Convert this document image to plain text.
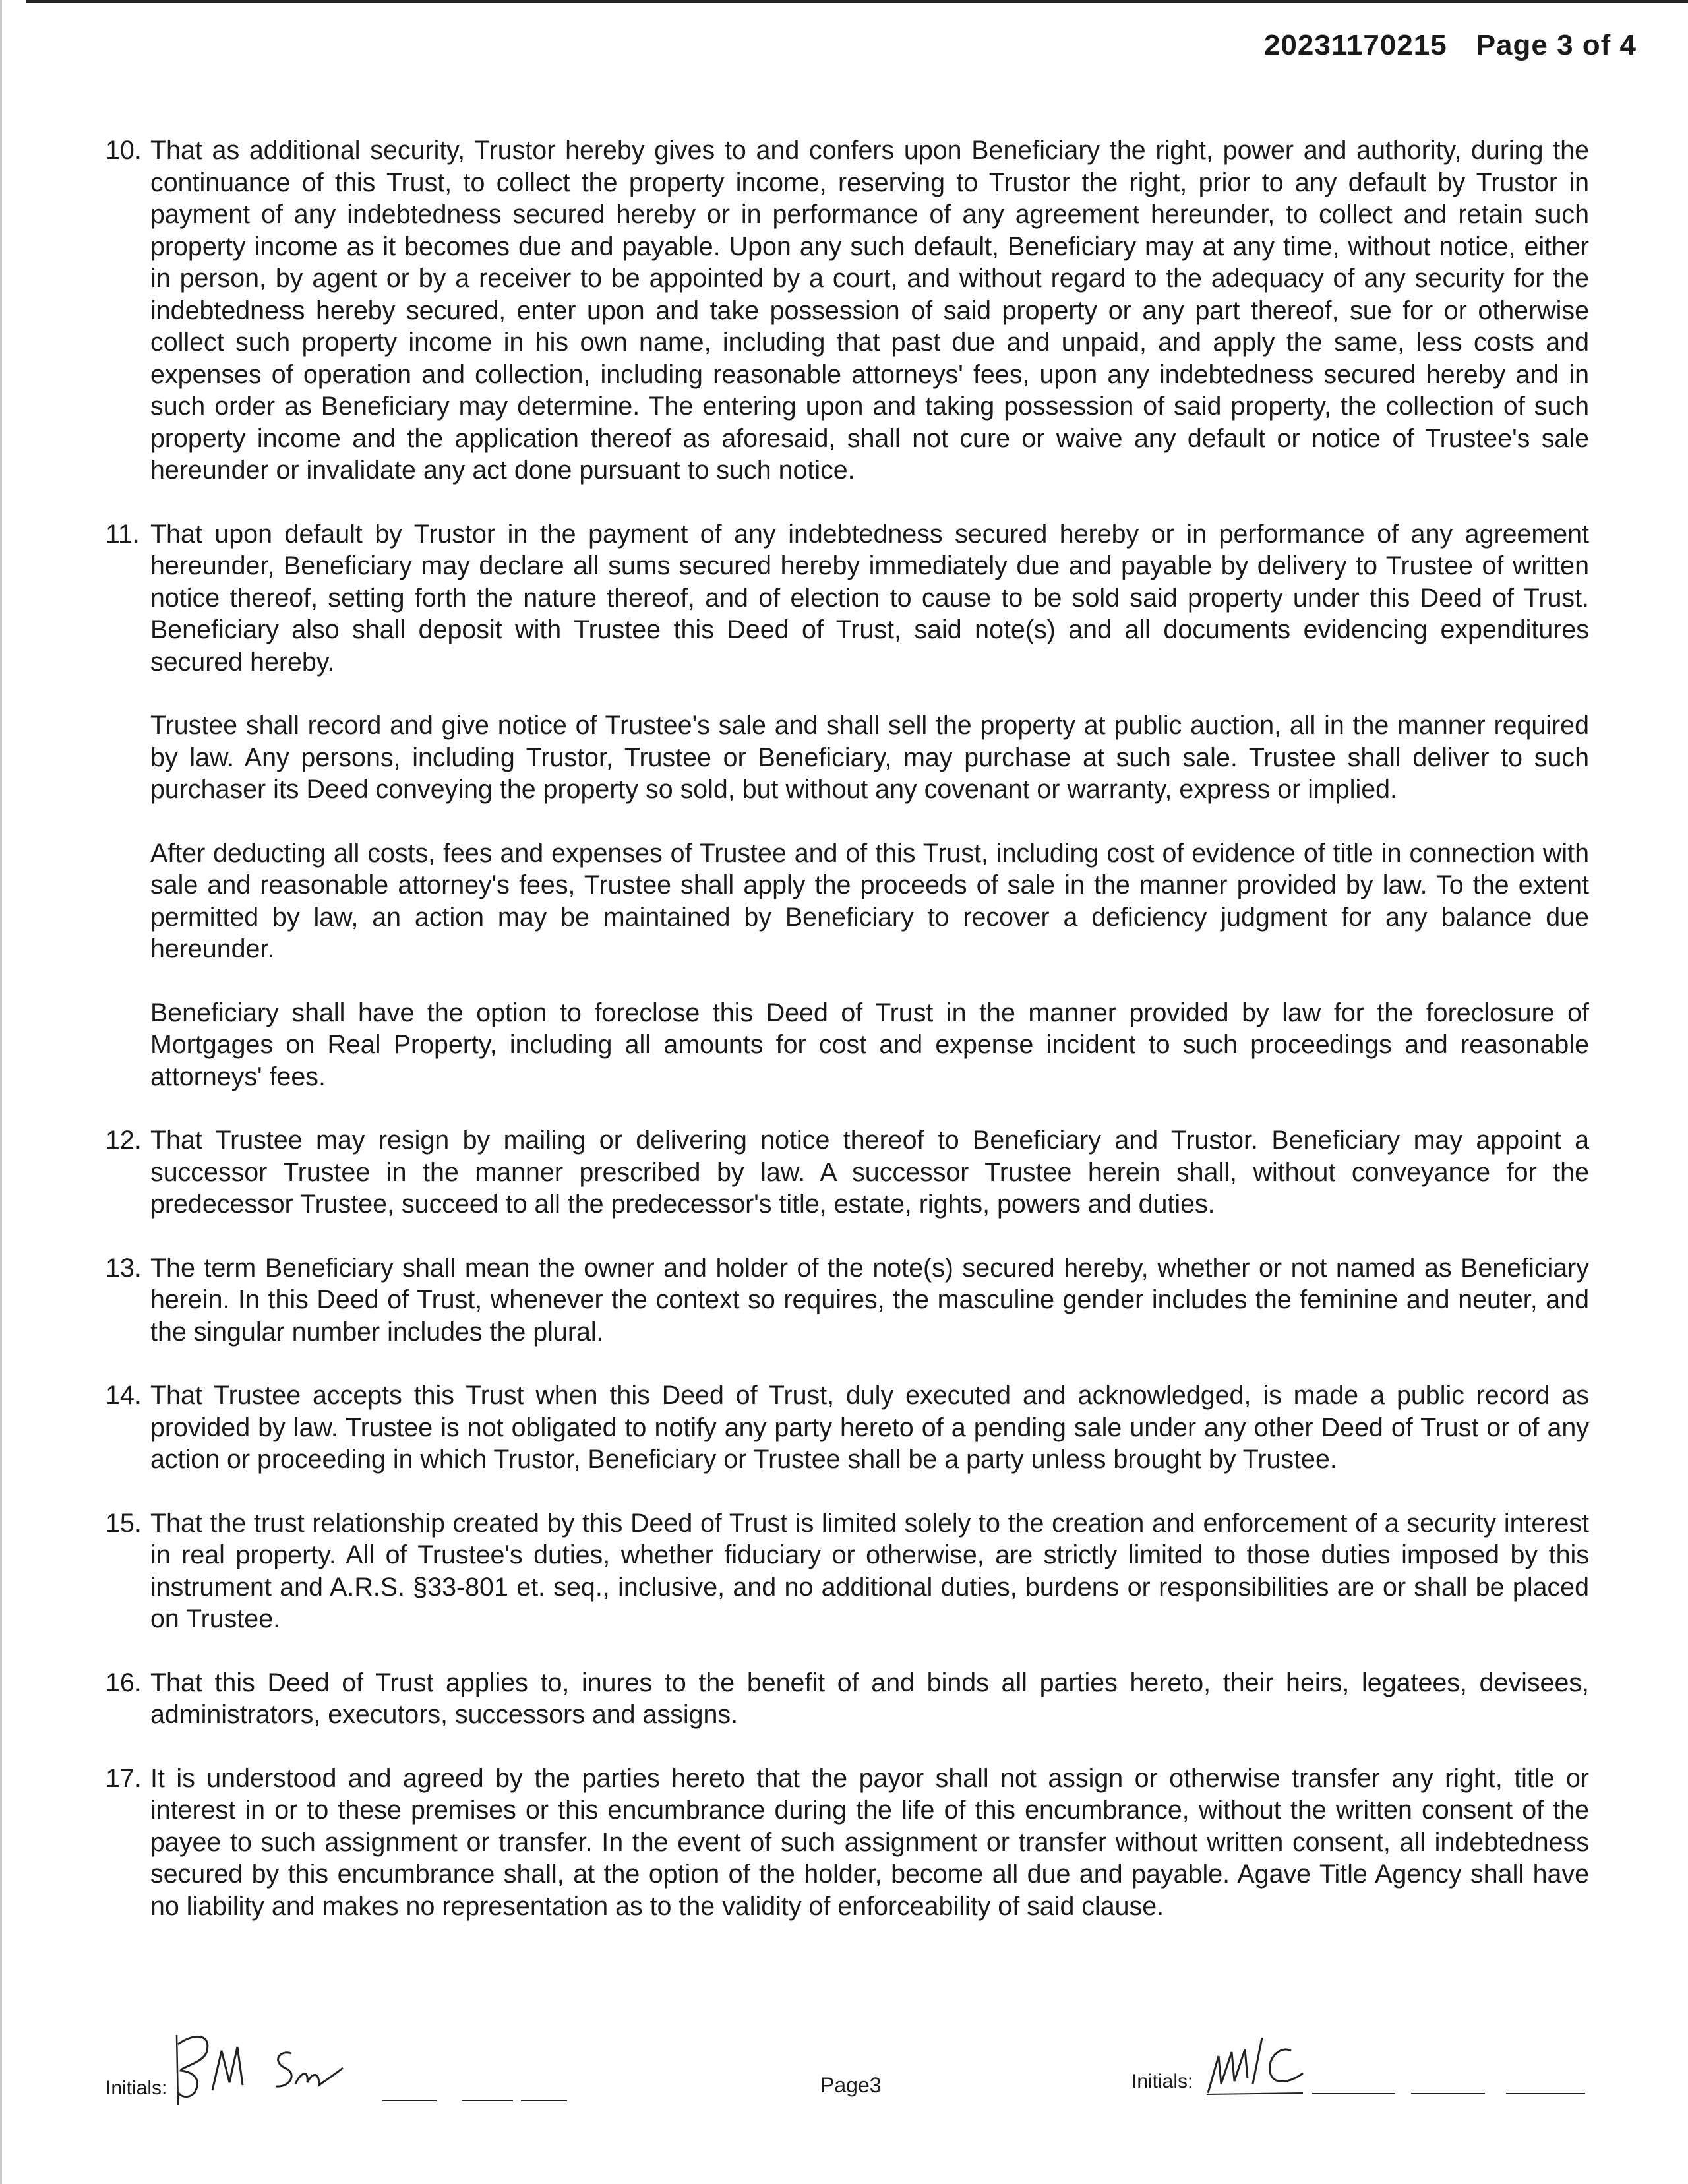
20231170215 Page 3 of 4
10. That as additional security, Trustor hereby gives to and confers upon Beneficiary the right, power and authority, during the continuance of this Trust, to collect the property income, reserving to Trustor the right, prior to any default by Trustor in payment of any indebtedness secured hereby or in performance of any agreement hereunder, to collect and retain such property income as it becomes due and payable. Upon any such default, Beneficiary may at any time, without notice, either in person, by agent or by a receiver to be appointed by a court, and without regard to the adequacy of any security for the indebtedness hereby secured, enter upon and take possession of said property or any part thereof, sue for or otherwise collect such property income in his own name, including that past due and unpaid, and apply the same, less costs and expenses of operation and collection, including reasonable attorneys' fees, upon any indebtedness secured hereby and in such order as Beneficiary may determine. The entering upon and taking possession of said property, the collection of such property income and the application thereof as aforesaid, shall not cure or waive any default or notice of Trustee's sale hereunder or invalidate any act done pursuant to such notice.

11. That upon default by Trustor in the payment of any indebtedness secured hereby or in performance of any agreement hereunder, Beneficiary may declare all sums secured hereby immediately due and payable by delivery to Trustee of written notice thereof, setting forth the nature thereof, and of election to cause to be sold said property under this Deed of Trust. Beneficiary also shall deposit with Trustee this Deed of Trust, said note(s) and all documents evidencing expenditures secured hereby.

Trustee shall record and give notice of Trustee's sale and shall sell the property at public auction, all in the manner required by law. Any persons, including Trustor, Trustee or Beneficiary, may purchase at such sale. Trustee shall deliver to such purchaser its Deed conveying the property so sold, but without any covenant or warranty, express or implied.

After deducting all costs, fees and expenses of Trustee and of this Trust, including cost of evidence of title in connection with sale and reasonable attorney's fees, Trustee shall apply the proceeds of sale in the manner provided by law. To the extent permitted by law, an action may be maintained by Beneficiary to recover a deficiency judgment for any balance due hereunder.

Beneficiary shall have the option to foreclose this Deed of Trust in the manner provided by law for the foreclosure of Mortgages on Real Property, including all amounts for cost and expense incident to such proceedings and reasonable attorneys' fees.

12. That Trustee may resign by mailing or delivering notice thereof to Beneficiary and Trustor. Beneficiary may appoint a successor Trustee in the manner prescribed by law. A successor Trustee herein shall, without conveyance for the predecessor Trustee, succeed to all the predecessor's title, estate, rights, powers and duties.

13. The term Beneficiary shall mean the owner and holder of the note(s) secured hereby, whether or not named as Beneficiary herein. In this Deed of Trust, whenever the context so requires, the masculine gender includes the feminine and neuter, and the singular number includes the plural.

14. That Trustee accepts this Trust when this Deed of Trust, duly executed and acknowledged, is made a public record as provided by law. Trustee is not obligated to notify any party hereto of a pending sale under any other Deed of Trust or of any action or proceeding in which Trustor, Beneficiary or Trustee shall be a party unless brought by Trustee.

15. That the trust relationship created by this Deed of Trust is limited solely to the creation and enforcement of a security interest in real property. All of Trustee's duties, whether fiduciary or otherwise, are strictly limited to those duties imposed by this instrument and A.R.S. §33-801 et. seq., inclusive, and no additional duties, burdens or responsibilities are or shall be placed on Trustee.

16. That this Deed of Trust applies to, inures to the benefit of and binds all parties hereto, their heirs, legatees, devisees, administrators, executors, successors and assigns.

17. It is understood and agreed by the parties hereto that the payor shall not assign or otherwise transfer any right, title or interest in or to these premises or this encumbrance during the life of this encumbrance, without the written consent of the payee to such assignment or transfer. In the event of such assignment or transfer without written consent, all indebtedness secured by this encumbrance shall, at the option of the holder, become all due and payable. Agave Title Agency shall have no liability and makes no representation as to the validity of enforceability of said clause.

Initials:	Page3	Initials:
